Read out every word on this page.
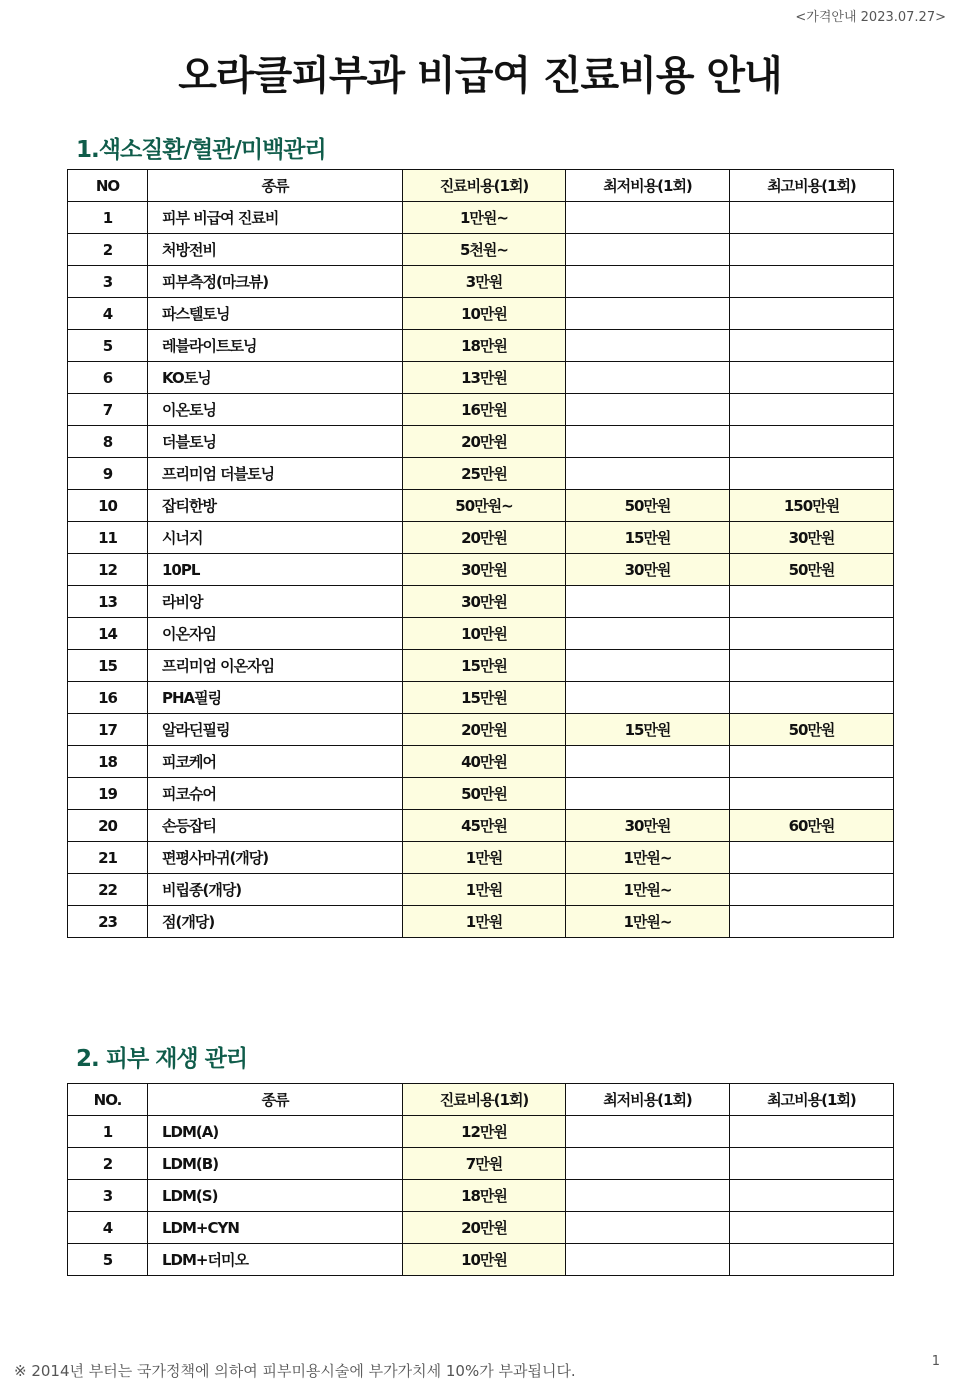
<가격안내 2023.07.27>
오라클피부과 비급여 진료비용 안내
1.색소질환/혈관/미백관리
NO	종류	진료비용(1회)	최저비용(1회)	최고비용(1회)
1	피부 비급여 진료비	1만원~		
2	처방전비	5천원~		
3	피부측정(마크뷰)	3만원		
4	파스텔토닝	10만원		
5	레블라이트토닝	18만원		
6	KO토닝	13만원		
7	이온토닝	16만원		
8	더블토닝	20만원		
9	프리미엄 더블토닝	25만원		
10	잡티한방	50만원~	50만원	150만원
11	시너지	20만원	15만원	30만원
12	10PL	30만원	30만원	50만원
13	라비앙	30만원		
14	이온자임	10만원		
15	프리미엄 이온자임	15만원		
16	PHA필링	15만원		
17	알라딘필링	20만원	15만원	50만원
18	피코케어	40만원		
19	피코슈어	50만원		
20	손등잡티	45만원	30만원	60만원
21	편평사마귀(개당)	1만원	1만원~	
22	비립종(개당)	1만원	1만원~	
23	점(개당)	1만원	1만원~	
2. 피부 재생 관리
NO.	종류	진료비용(1회)	최저비용(1회)	최고비용(1회)
1	LDM(A)	12만원		
2	LDM(B)	7만원		
3	LDM(S)	18만원		
4	LDM+CYN	20만원		
5	LDM+더미오	10만원		
※ 2014년 부터는 국가정책에 의하여 피부미용시술에 부가가치세 10%가 부과됩니다.
1
